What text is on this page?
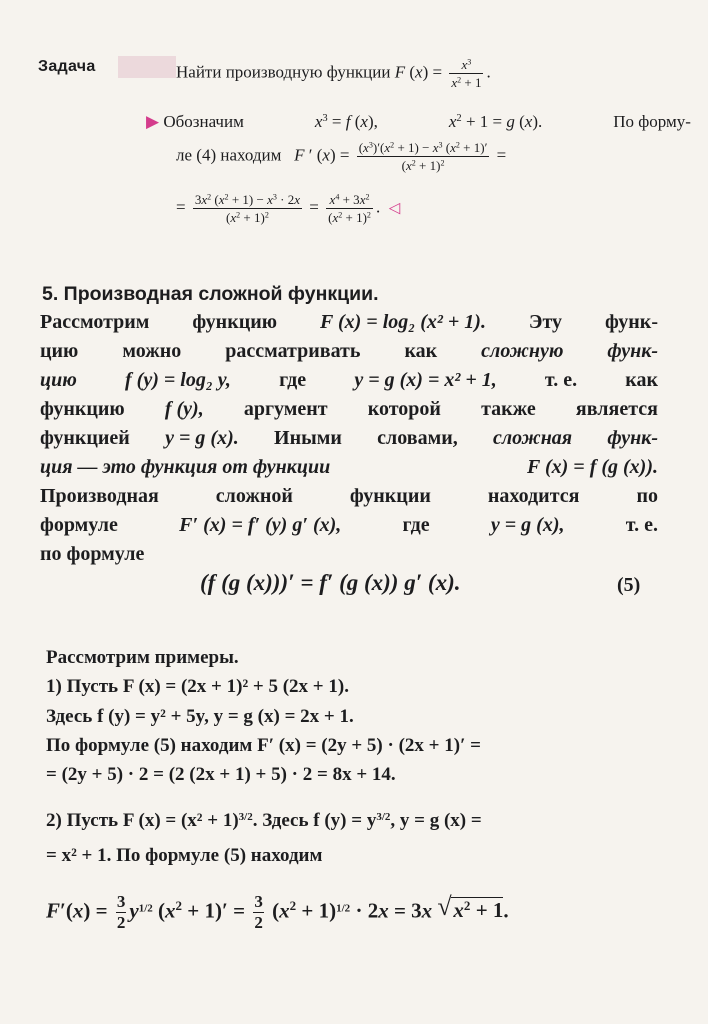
Задача	Найти производную функции F $(x) = \frac{x^3}{x^2 + 1}$ .
▶ Обозначим	$x^3 = f$ (x),	$x^2 + 1 = g$ (x).	По форму-
ле (4) находим F ′ $(x) = \frac{(x^3)'(x^2 + 1) - x^3 (x^2 + 1)'}{(x^2 + 1)^2}$ =
= $\frac{3x^2 (x^2 + 1) - x^3 \cdot 2x}{(x^2 + 1)^2} = \frac{x^4 + 3x^2}{(x^2 + 1)^2}$ .  ◁
5. Производная сложной функции.
Рассмотрим функцию F (x) = log₂ (x² + 1). Эту функ-
цию можно рассматривать как сложную функ-
цию f (y) = log₂ y, где y = g (x) = x² + 1, т. е. как
функцию f (y), аргумент которой также является
функцией y = g (x). Иными словами, сложная функ-
ция — это функция от функции	F (x) = f (g (x)).
Производная	сложной	функции	находится	по
формуле	F′ (x) = f′ (y) g′ (x),	где	y = g (x),	т. е.
по формуле
(f (g (x)))′ = f′ (g (x)) g′ (x).	(5)
Рассмотрим примеры.
1) Пусть F (x) = (2x + 1)² + 5 (2x + 1).
Здесь f (y) = y² + 5y, y = g (x) = 2x + 1.
По формуле (5) находим F′ (x) = (2y + 5) · (2x + 1)′ =
= (2y + 5) · 2 = (2 (2x + 1) + 5) · 2 = 8x + 14.
2) Пусть F $(x) = (x^2 + 1)^{3/2}$. Здесь f $(y) = y^{3/2}$, y = g (x) =
= x² + 1. По формуле (5) находим
$F'(x) = \frac{3}{2} y^{1/2}$ $(x^2 + 1)' = \frac{3}{2} (x^2 + 1)^{1/2} \cdot 2x = 3x$ √ $x^2 + 1$.
